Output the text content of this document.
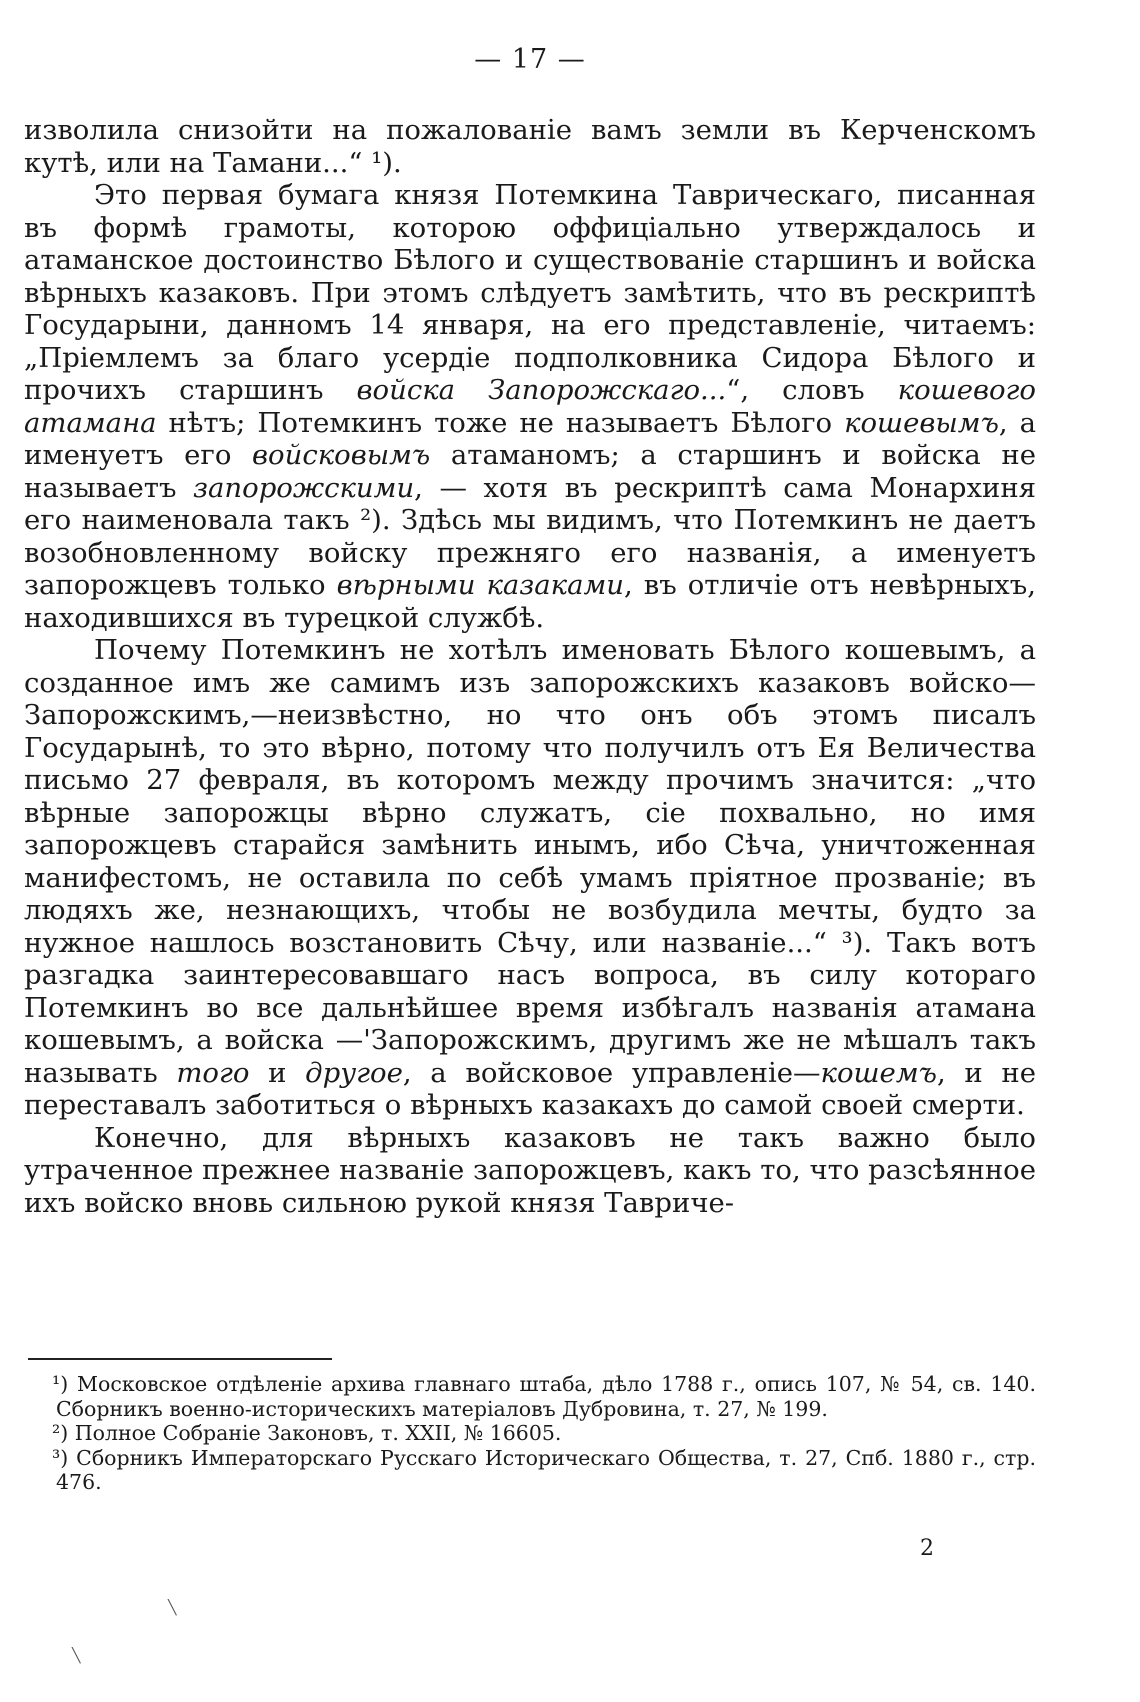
— 17 —

изволила снизойти на пожалованіе вамъ земли въ Керченскомъ кутѣ, или на Тамани...“ ¹).

Это первая бумага князя Потемкина Таврическаго, писанная въ формѣ грамоты, которою оффиціально утверждалось и атаманское достоинство Бѣлого и существованіе старшинъ и войска вѣрныхъ казаковъ. При этомъ слѣдуетъ замѣтить, что въ рескриптѣ Государыни, данномъ 14 января, на его представленіе, читаемъ: „Пріемлемъ за благо усердіе подполковника Сидора Бѣлого и прочихъ старшинъ войска Запорожскаго...“, словъ кошевого атамана нѣтъ; Потемкинъ тоже не называетъ Бѣлого кошевымъ, а именуетъ его войсковымъ атаманомъ; а старшинъ и войска не называетъ запорожскими, — хотя въ рескриптѣ сама Монархиня его наименовала такъ ²). Здѣсь мы видимъ, что Потемкинъ не даетъ возобновленному войску прежняго его названія, а именуетъ запорожцевъ только вѣрными казаками, въ отличіе отъ невѣрныхъ, находившихся въ турецкой службѣ.

Почему Потемкинъ не хотѣлъ именовать Бѣлого кошевымъ, а созданное имъ же самимъ изъ запорожскихъ казаковъ войско—Запорожскимъ,—неизвѣстно, но что онъ объ этомъ писалъ Государынѣ, то это вѣрно, потому что получилъ отъ Ея Величества письмо 27 февраля, въ которомъ между прочимъ значится: „что вѣрные запорожцы вѣрно служатъ, сіе похвально, но имя запорожцевъ старайся замѣнить инымъ, ибо Сѣча, уничтоженная манифестомъ, не оставила по себѣ умамъ пріятное прозваніе; въ людяхъ же, незнающихъ, чтобы не возбудила мечты, будто за нужное нашлось возстановить Сѣчу, или названіе...“ ³). Такъ вотъ разгадка заинтересовавшаго насъ вопроса, въ силу котораго Потемкинъ во все дальнѣйшее время избѣгалъ названія атамана кошевымъ, а войска —'Запорожскимъ, другимъ же не мѣшалъ такъ называть того и другое, а войсковое управленіе—кошемъ, и не переставалъ заботиться о вѣрныхъ казакахъ до самой своей смерти.

Конечно, для вѣрныхъ казаковъ не такъ важно было утраченное прежнее названіе запорожцевъ, какъ то, что разсѣянное ихъ войско вновь сильною рукой князя Тавриче-

¹) Московское отдѣленіе архива главнаго штаба, дѣло 1788 г., опись 107, № 54, св. 140. Сборникъ военно-историческихъ матеріаловъ Дубровина, т. 27, № 199.

²) Полное Собраніе Законовъ, т. XXII, № 16605.

³) Сборникъ Императорскаго Русскаго Историческаго Общества, т. 27, Спб. 1880 г., стр. 476.

2
╲
╲
